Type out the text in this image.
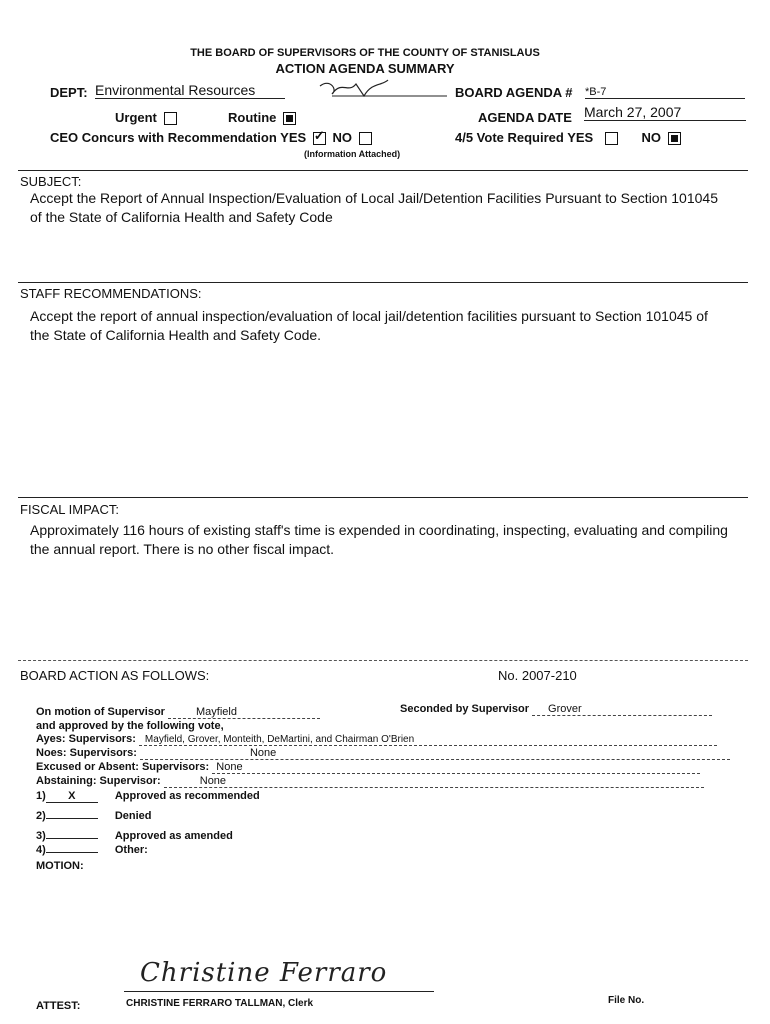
THE BOARD OF SUPERVISORS OF THE COUNTY OF STANISLAUS
ACTION AGENDA SUMMARY
DEPT: Environmental Resources	BOARD AGENDA # *B-7
Urgent	Routine	AGENDA DATE March 27, 2007
CEO Concurs with Recommendation YES ✓ NO
(Information Attached)
4/5 Vote Required YES	NO
SUBJECT:
Accept the Report of Annual Inspection/Evaluation of Local Jail/Detention Facilities Pursuant to Section 101045 of the State of California Health and Safety Code
STAFF RECOMMENDATIONS:
Accept the report of annual inspection/evaluation of local jail/detention facilities pursuant to Section 101045 of the State of California Health and Safety Code.
FISCAL IMPACT:
Approximately 116 hours of existing staff's time is expended in coordinating, inspecting, evaluating and compiling the annual report. There is no other fiscal impact.
BOARD ACTION AS FOLLOWS:	No. 2007-210
On motion of Supervisor	Mayfield	Seconded by Supervisor Grover
and approved by the following vote,
Ayes: Supervisors: Mayfield, Grover, Monteith, DeMartini, and Chairman O'Brien
Noes: Supervisors:	None
Excused or Absent: Supervisors: None
Abstaining: Supervisor:	None
1) X	Approved as recommended
2)	Denied
3)	Approved as amended
4)	Other:
MOTION:
ATTEST:
Christine Ferraro
CHRISTINE FERRARO TALLMAN, Clerk	File No.
